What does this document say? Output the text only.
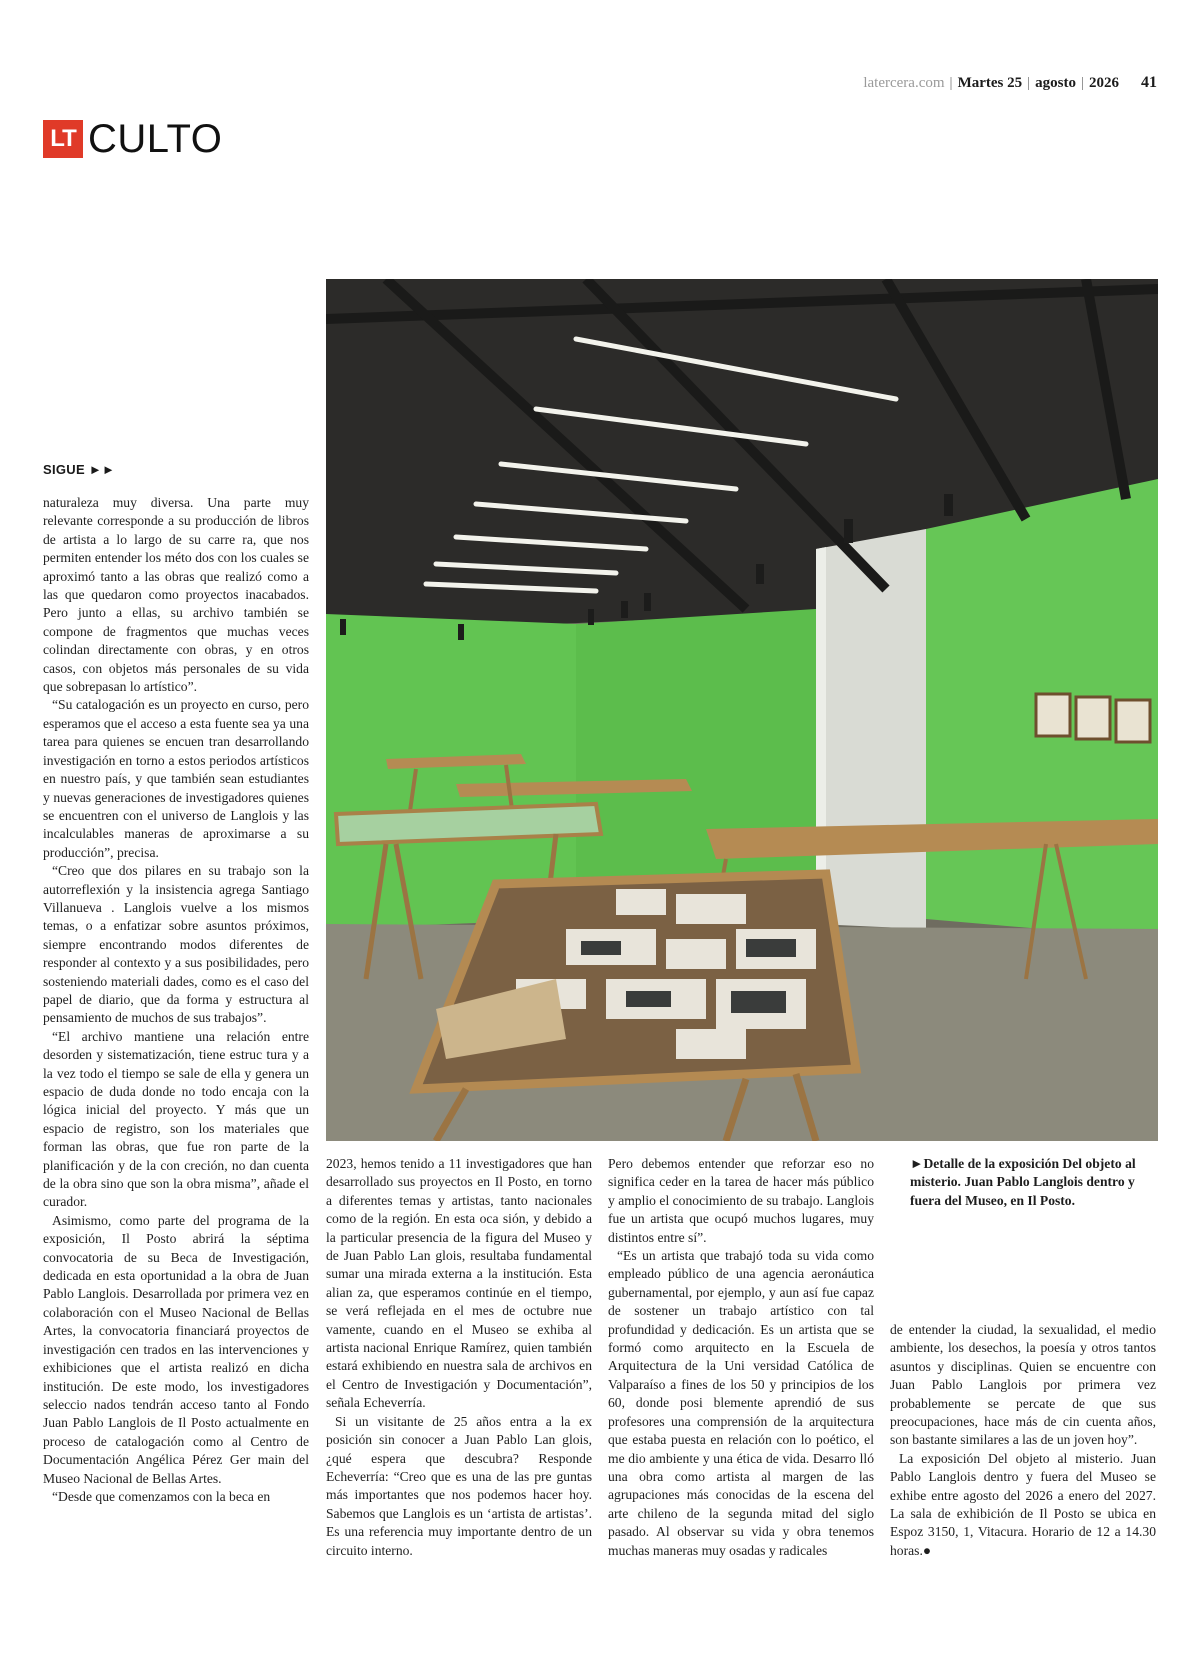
latercera.com | Martes 25 | agosto | 2026 41
LT CULTO
SIGUE ►►

naturaleza muy diversa. Una parte muy relevante corresponde a su producción de libros de artista a lo largo de su carre ra, que nos permiten entender los méto dos con los cuales se aproximó tanto a las obras que realizó como a las que quedaron como proyectos inacabados. Pero junto a ellas, su archivo también se compone de fragmentos que muchas veces colindan directamente con obras, y en otros casos, con objetos más personales de su vida que sobrepasan lo artístico”.

“Su catalogación es un proyecto en curso, pero esperamos que el acceso a esta fuente sea ya una tarea para quienes se encuen tran desarrollando investigación en torno a estos periodos artísticos en nuestro país, y que también sean estudiantes y nuevas generaciones de investigadores quienes se encuentren con el universo de Langlois y las incalculables maneras de aproximarse a su producción”, precisa.

“Creo que dos pilares en su trabajo son la autorreflexión y la insistencia agrega Santiago Villanueva . Langlois vuelve a los mismos temas, o a enfatizar sobre asuntos próximos, siempre encontrando modos diferentes de responder al contexto y a sus posibilidades, pero sosteniendo materiali dades, como es el caso del papel de diario, que da forma y estructura al pensamiento de muchos de sus trabajos”.

“El archivo mantiene una relación entre desorden y sistematización, tiene estruc tura y a la vez todo el tiempo se sale de ella y genera un espacio de duda donde no todo encaja con la lógica inicial del proyecto. Y más que un espacio de registro, son los materiales que forman las obras, que fue ron parte de la planificación y de la con creción, no dan cuenta de la obra sino que son la obra misma”, añade el curador.

Asimismo, como parte del programa de la exposición, Il Posto abrirá la séptima convocatoria de su Beca de Investigación, dedicada en esta oportunidad a la obra de Juan Pablo Langlois. Desarrollada por primera vez en colaboración con el Museo Nacional de Bellas Artes, la convocatoria financiará proyectos de investigación cen trados en las intervenciones y exhibiciones que el artista realizó en dicha institución. De este modo, los investigadores seleccio nados tendrán acceso tanto al Fondo Juan Pablo Langlois de Il Posto actualmente en proceso de catalogación como al Centro de Documentación Angélica Pérez Ger main del Museo Nacional de Bellas Artes.

“Desde que comenzamos con la beca en

2023, hemos tenido a 11 investigadores que han desarrollado sus proyectos en Il Posto, en torno a diferentes temas y artistas, tanto nacionales como de la región. En esta oca sión, y debido a la particular presencia de la figura del Museo y de Juan Pablo Lan glois, resultaba fundamental sumar una mirada externa a la institución. Esta alian za, que esperamos continúe en el tiempo, se verá reflejada en el mes de octubre nue vamente, cuando en el Museo se exhiba al artista nacional Enrique Ramírez, quien también estará exhibiendo en nuestra sala de archivos en el Centro de Investigación y Documentación”, señala Echeverría.

Si un visitante de 25 años entra a la ex posición sin conocer a Juan Pablo Lan glois, ¿qué espera que descubra? Responde Echeverría: “Creo que es una de las pre guntas más importantes que nos podemos hacer hoy. Sabemos que Langlois es un ‘artista de artistas’. Es una referencia muy importante dentro de un circuito interno.

Pero debemos entender que reforzar eso no significa ceder en la tarea de hacer más público y amplio el conocimiento de su trabajo. Langlois fue un artista que ocupó muchos lugares, muy distintos entre sí”.

“Es un artista que trabajó toda su vida como empleado público de una agencia aeronáutica gubernamental, por ejemplo, y aun así fue capaz de sostener un trabajo artístico con tal profundidad y dedicación. Es un artista que se formó como arquitecto en la Escuela de Arquitectura de la Uni versidad Católica de Valparaíso a fines de los 50 y principios de los 60, donde posi blemente aprendió de sus profesores una comprensión de la arquitectura que estaba puesta en relación con lo poético, el me dio ambiente y una ética de vida. Desarro lló una obra como artista al margen de las agrupaciones más conocidas de la escena del arte chileno de la segunda mitad del siglo pasado. Al observar su vida y obra tenemos muchas maneras muy osadas y radicales

►Detalle de la exposición Del objeto al misterio. Juan Pablo Langlois dentro y fuera del Museo, en Il Posto.

de entender la ciudad, la sexualidad, el medio ambiente, los desechos, la poesía y otros tantos asuntos y disciplinas. Quien se encuentre con Juan Pablo Langlois por primera vez probablemente se percate de que sus preocupaciones, hace más de cin cuenta años, son bastante similares a las de un joven hoy”.

La exposición Del objeto al misterio. Juan Pablo Langlois dentro y fuera del Museo se exhibe entre agosto del 2026 a enero del 2027. La sala de exhibición de Il Posto se ubica en Espoz 3150, 1, Vitacura. Horario de 12 a 14.30 horas.●
